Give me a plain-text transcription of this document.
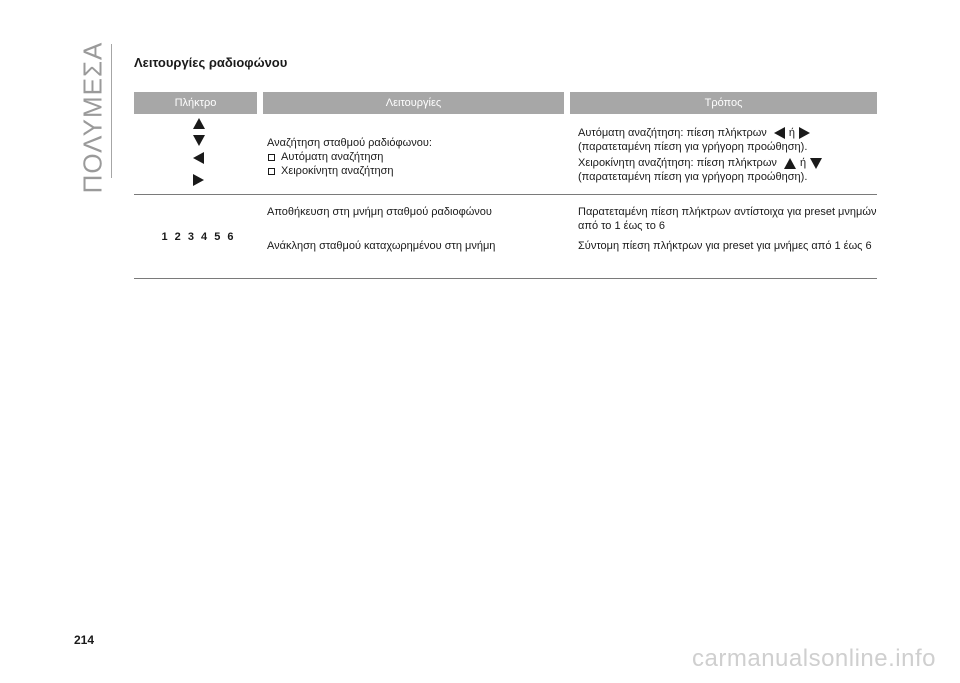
ΠΟΛΥΜΕΣΑ Λειτουργίες ραδιοφώνου
Πλήκτρο	Λειτουργίες	Τρόπος
Αναζήτηση σταθμού ραδιόφωνου:
Αυτόματη αναζήτηση
Χειροκίνητη αναζήτηση
Αυτόματη αναζήτηση: πίεση πλήκτρων ή
(παρατεταμένη πίεση για γρήγορη προώθηση).
Χειροκίνητη αναζήτηση: πίεση πλήκτρων ή
(παρατεταμένη πίεση για γρήγορη προώθηση).
1 2 3 4 5 6
Αποθήκευση στη μνήμη σταθμού ραδιοφώνου
Ανάκληση σταθμού καταχωρημένου στη μνήμη
Παρατεταμένη πίεση πλήκτρων αντίστοιχα για preset μνημών από το 1 έως το 6
Σύντομη πίεση πλήκτρων για preset για μνήμες από 1 έως 6
214
carmanualsonline.info
